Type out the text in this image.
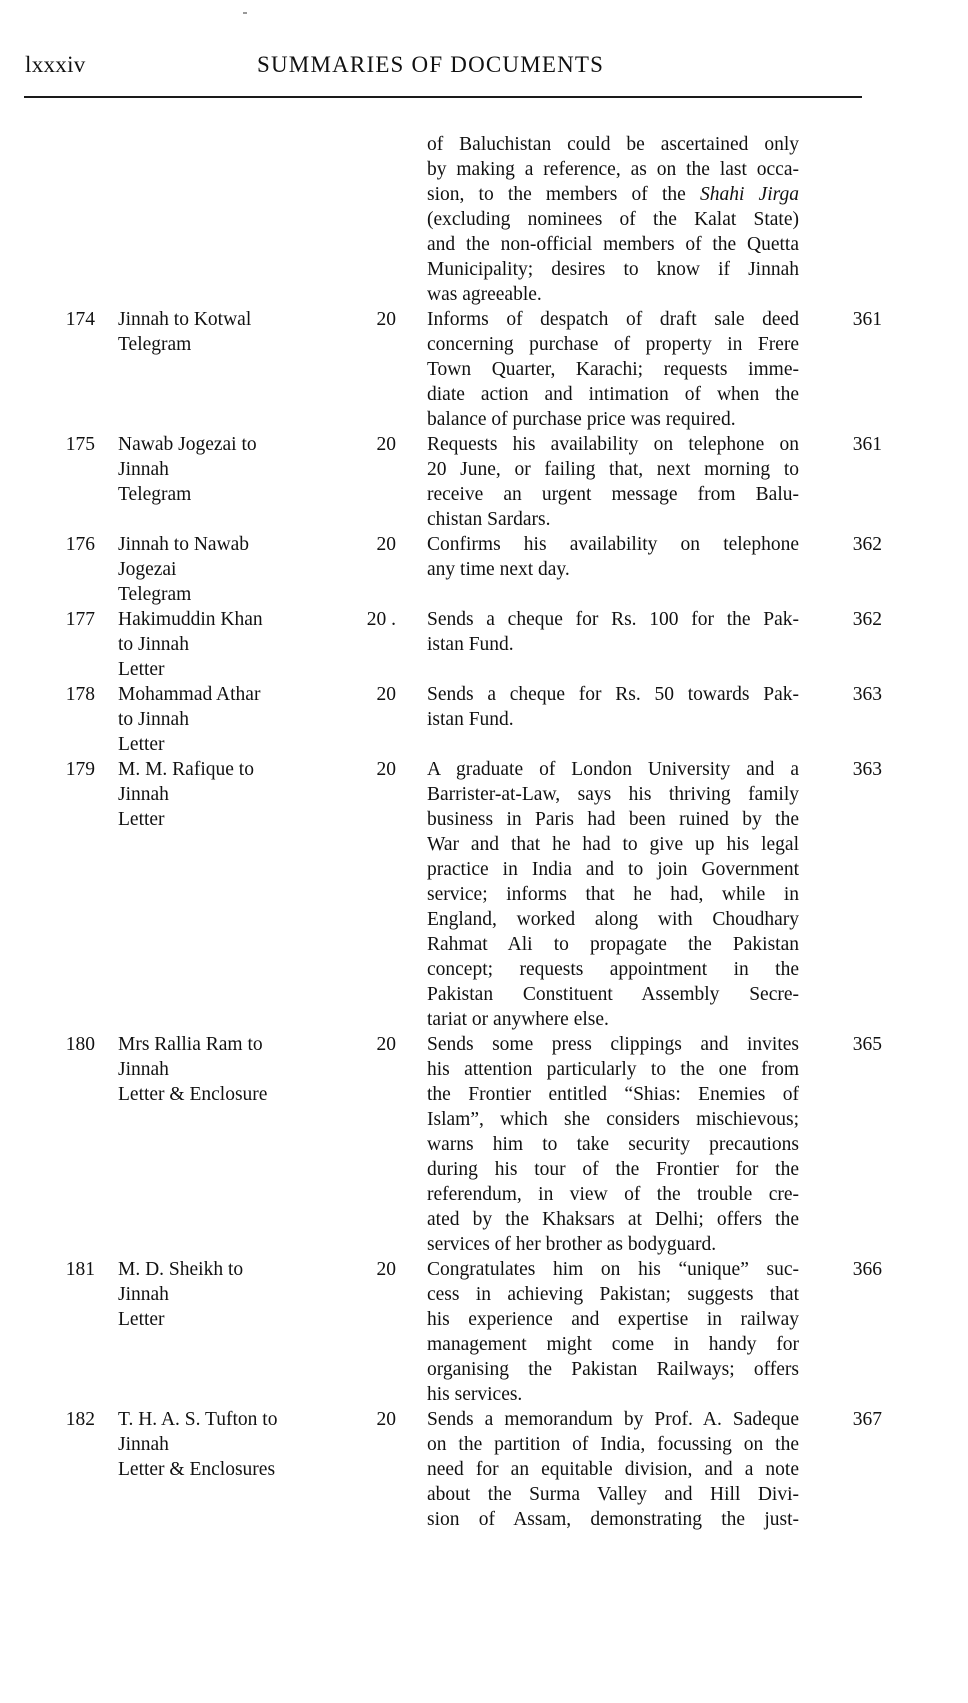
lxxxiv	SUMMARIES OF DOCUMENTS
of Baluchistan could be ascertained only
by making a reference, as on the last occa-
sion, to the members of the Shahi Jirga
(excluding nominees of the Kalat State)
and the non-official members of the Quetta
Municipality; desires to know if Jinnah
was agreeable.
174 Jinnah to Kotwal
Telegram
20 Informs of despatch of draft sale deed
concerning purchase of property in Frere
Town Quarter, Karachi; requests imme-
diate action and intimation of when the
balance of purchase price was required.
361
175 Nawab Jogezai to
Jinnah
Telegram
20 Requests his availability on telephone on
20 June, or failing that, next morning to
receive an urgent message from Balu-
chistan Sardars.
361
176 Jinnah to Nawab
Jogezai
Telegram
20 Confirms his availability on telephone
any time next day.
362
177 Hakimuddin Khan
to Jinnah
Letter
20 . Sends a cheque for Rs. 100 for the Pak-
istan Fund.
362
178 Mohammad Athar
to Jinnah
Letter
20 Sends a cheque for Rs. 50 towards Pak-
istan Fund.
363
179 M. M. Rafique to
Jinnah
Letter
20 A graduate of London University and a
Barrister-at-Law, says his thriving family
business in Paris had been ruined by the
War and that he had to give up his legal
practice in India and to join Government
service; informs that he had, while in
England, worked along with Choudhary
Rahmat Ali to propagate the Pakistan
concept; requests appointment in the
Pakistan Constituent Assembly Secre-
tariat or anywhere else.
363
180 Mrs Rallia Ram to
Jinnah
Letter & Enclosure
20 Sends some press clippings and invites
his attention particularly to the one from
the Frontier entitled “Shias: Enemies of
Islam”, which she considers mischievous;
warns him to take security precautions
during his tour of the Frontier for the
referendum, in view of the trouble cre-
ated by the Khaksars at Delhi; offers the
services of her brother as bodyguard.
365
181 M. D. Sheikh to
Jinnah
Letter
20 Congratulates him on his “unique” suc-
cess in achieving Pakistan; suggests that
his experience and expertise in railway
management might come in handy for
organising the Pakistan Railways; offers
his services.
366
182 T. H. A. S. Tufton to
Jinnah
Letter & Enclosures
20 Sends a memorandum by Prof. A. Sadeque
on the partition of India, focussing on the
need for an equitable division, and a note
about the Surma Valley and Hill Divi-
sion of Assam, demonstrating the just-
367
